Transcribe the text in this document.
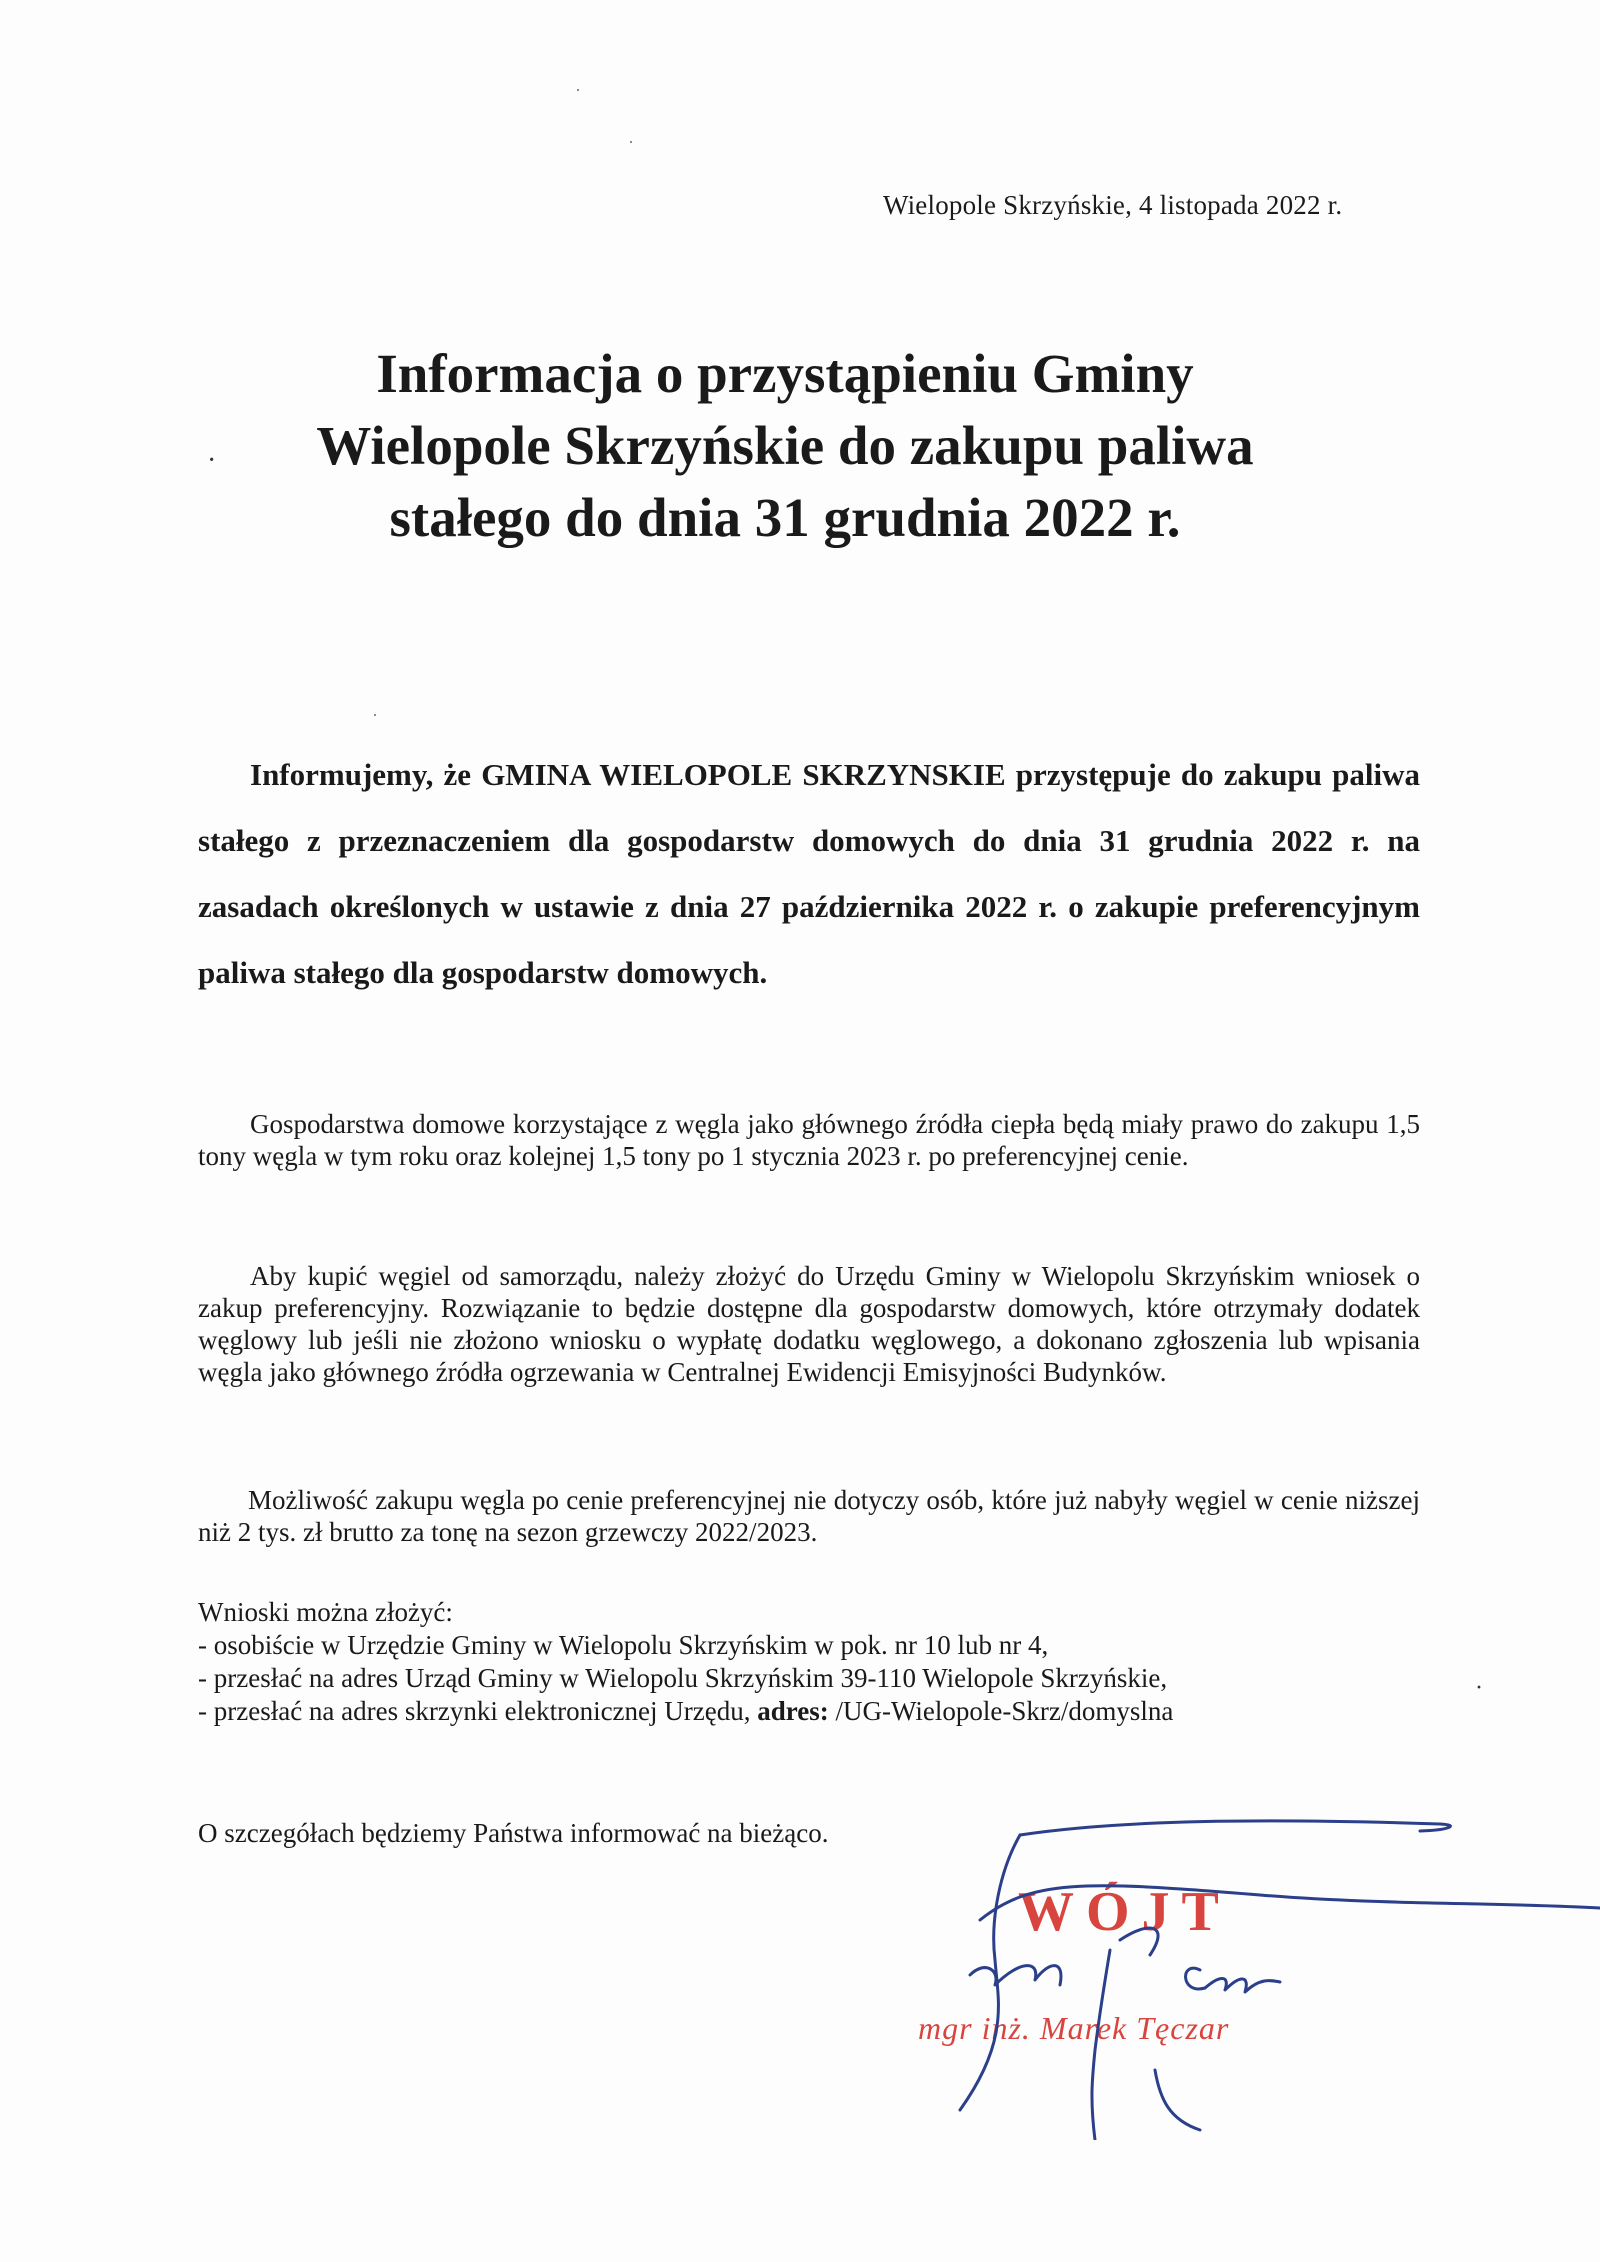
·
·
·
·
·
Wielopole Skrzyńskie, 4 listopada 2022 r.
Informacja o przystąpieniu Gminy
Wielopole Skrzyńskie do zakupu paliwa
stałego do dnia 31 grudnia 2022 r.
Informujemy, że GMINA WIELOPOLE SKRZYNSKIE przystępuje do zakupu paliwa stałego z przeznaczeniem dla gospodarstw domowych do dnia 31 grudnia 2022 r. na zasadach określonych w ustawie z dnia 27 października 2022 r. o zakupie preferencyjnym paliwa stałego dla gospodarstw domowych.
Gospodarstwa domowe korzystające z węgla jako głównego źródła ciepła będą miały prawo do zakupu 1,5 tony węgla w tym roku oraz kolejnej 1,5 tony po 1 stycznia 2023 r. po preferencyjnej cenie.
Aby kupić węgiel od samorządu, należy złożyć do Urzędu Gminy w Wielopolu Skrzyńskim wniosek o zakup preferencyjny. Rozwiązanie to będzie dostępne dla gospodarstw domowych, które otrzymały dodatek węglowy lub jeśli nie złożono wniosku o wypłatę dodatku węglowego, a dokonano zgłoszenia lub wpisania węgla jako głównego źródła ogrzewania w Centralnej Ewidencji Emisyjności Budynków.
Możliwość zakupu węgla po cenie preferencyjnej nie dotyczy osób, które już nabyły węgiel w cenie niższej niż 2 tys. zł brutto za tonę na sezon grzewczy 2022/2023.
Wnioski można złożyć:
- osobiście w Urzędzie Gminy w Wielopolu Skrzyńskim w pok. nr 10 lub nr 4,
- przesłać na adres Urząd Gminy w Wielopolu Skrzyńskim 39-110 Wielopole Skrzyńskie,
- przesłać na adres skrzynki elektronicznej Urzędu, adres: /UG-Wielopole-Skrz/domyslna
O szczegółach będziemy Państwa informować na bieżąco.
WÓJT
mgr inż. Marek Tęczar
